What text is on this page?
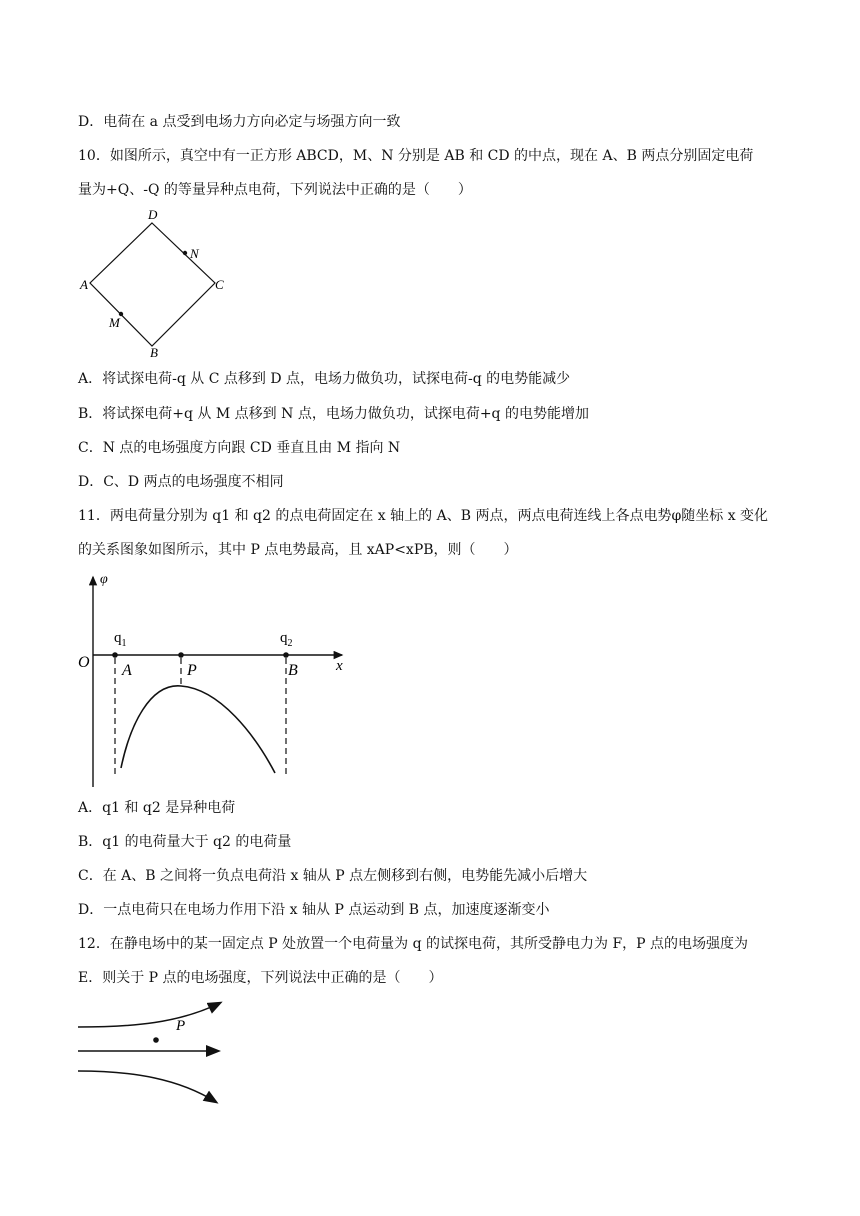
D．电荷在 a 点受到电场力方向必定与场强方向一致
10．如图所示，真空中有一正方形 ABCD，M、N 分别是 AB 和 CD 的中点，现在 A、B 两点分别固定电荷
量为+Q、-Q 的等量异种点电荷，下列说法中正确的是（　　）
D
N
C
A
M
B
A．将试探电荷-q 从 C 点移到 D 点，电场力做负功，试探电荷-q 的电势能减少
B．将试探电荷+q 从 M 点移到 N 点，电场力做负功，试探电荷+q 的电势能增加
C．N 点的电场强度方向跟 CD 垂直且由 M 指向 N
D．C、D 两点的电场强度不相同
11．两电荷量分别为 q1 和 q2 的点电荷固定在 x 轴上的 A、B 两点，两点电荷连线上各点电势φ随坐标 x 变化
的关系图象如图所示，其中 P 点电势最高，且 xAP<xPB，则（　　）
φ
O	x
$q_1$	$q_2$
A	P	B
A．q1 和 q2 是异种电荷
B．q1 的电荷量大于 q2 的电荷量
C．在 A、B 之间将一负点电荷沿 x 轴从 P 点左侧移到右侧，电势能先减小后增大
D．一点电荷只在电场力作用下沿 x 轴从 P 点运动到 B 点，加速度逐渐变小
12．在静电场中的某一固定点 P 处放置一个电荷量为 q 的试探电荷，其所受静电力为 F，P 点的电场强度为
E．则关于 P 点的电场强度，下列说法中正确的是（　　）
P
